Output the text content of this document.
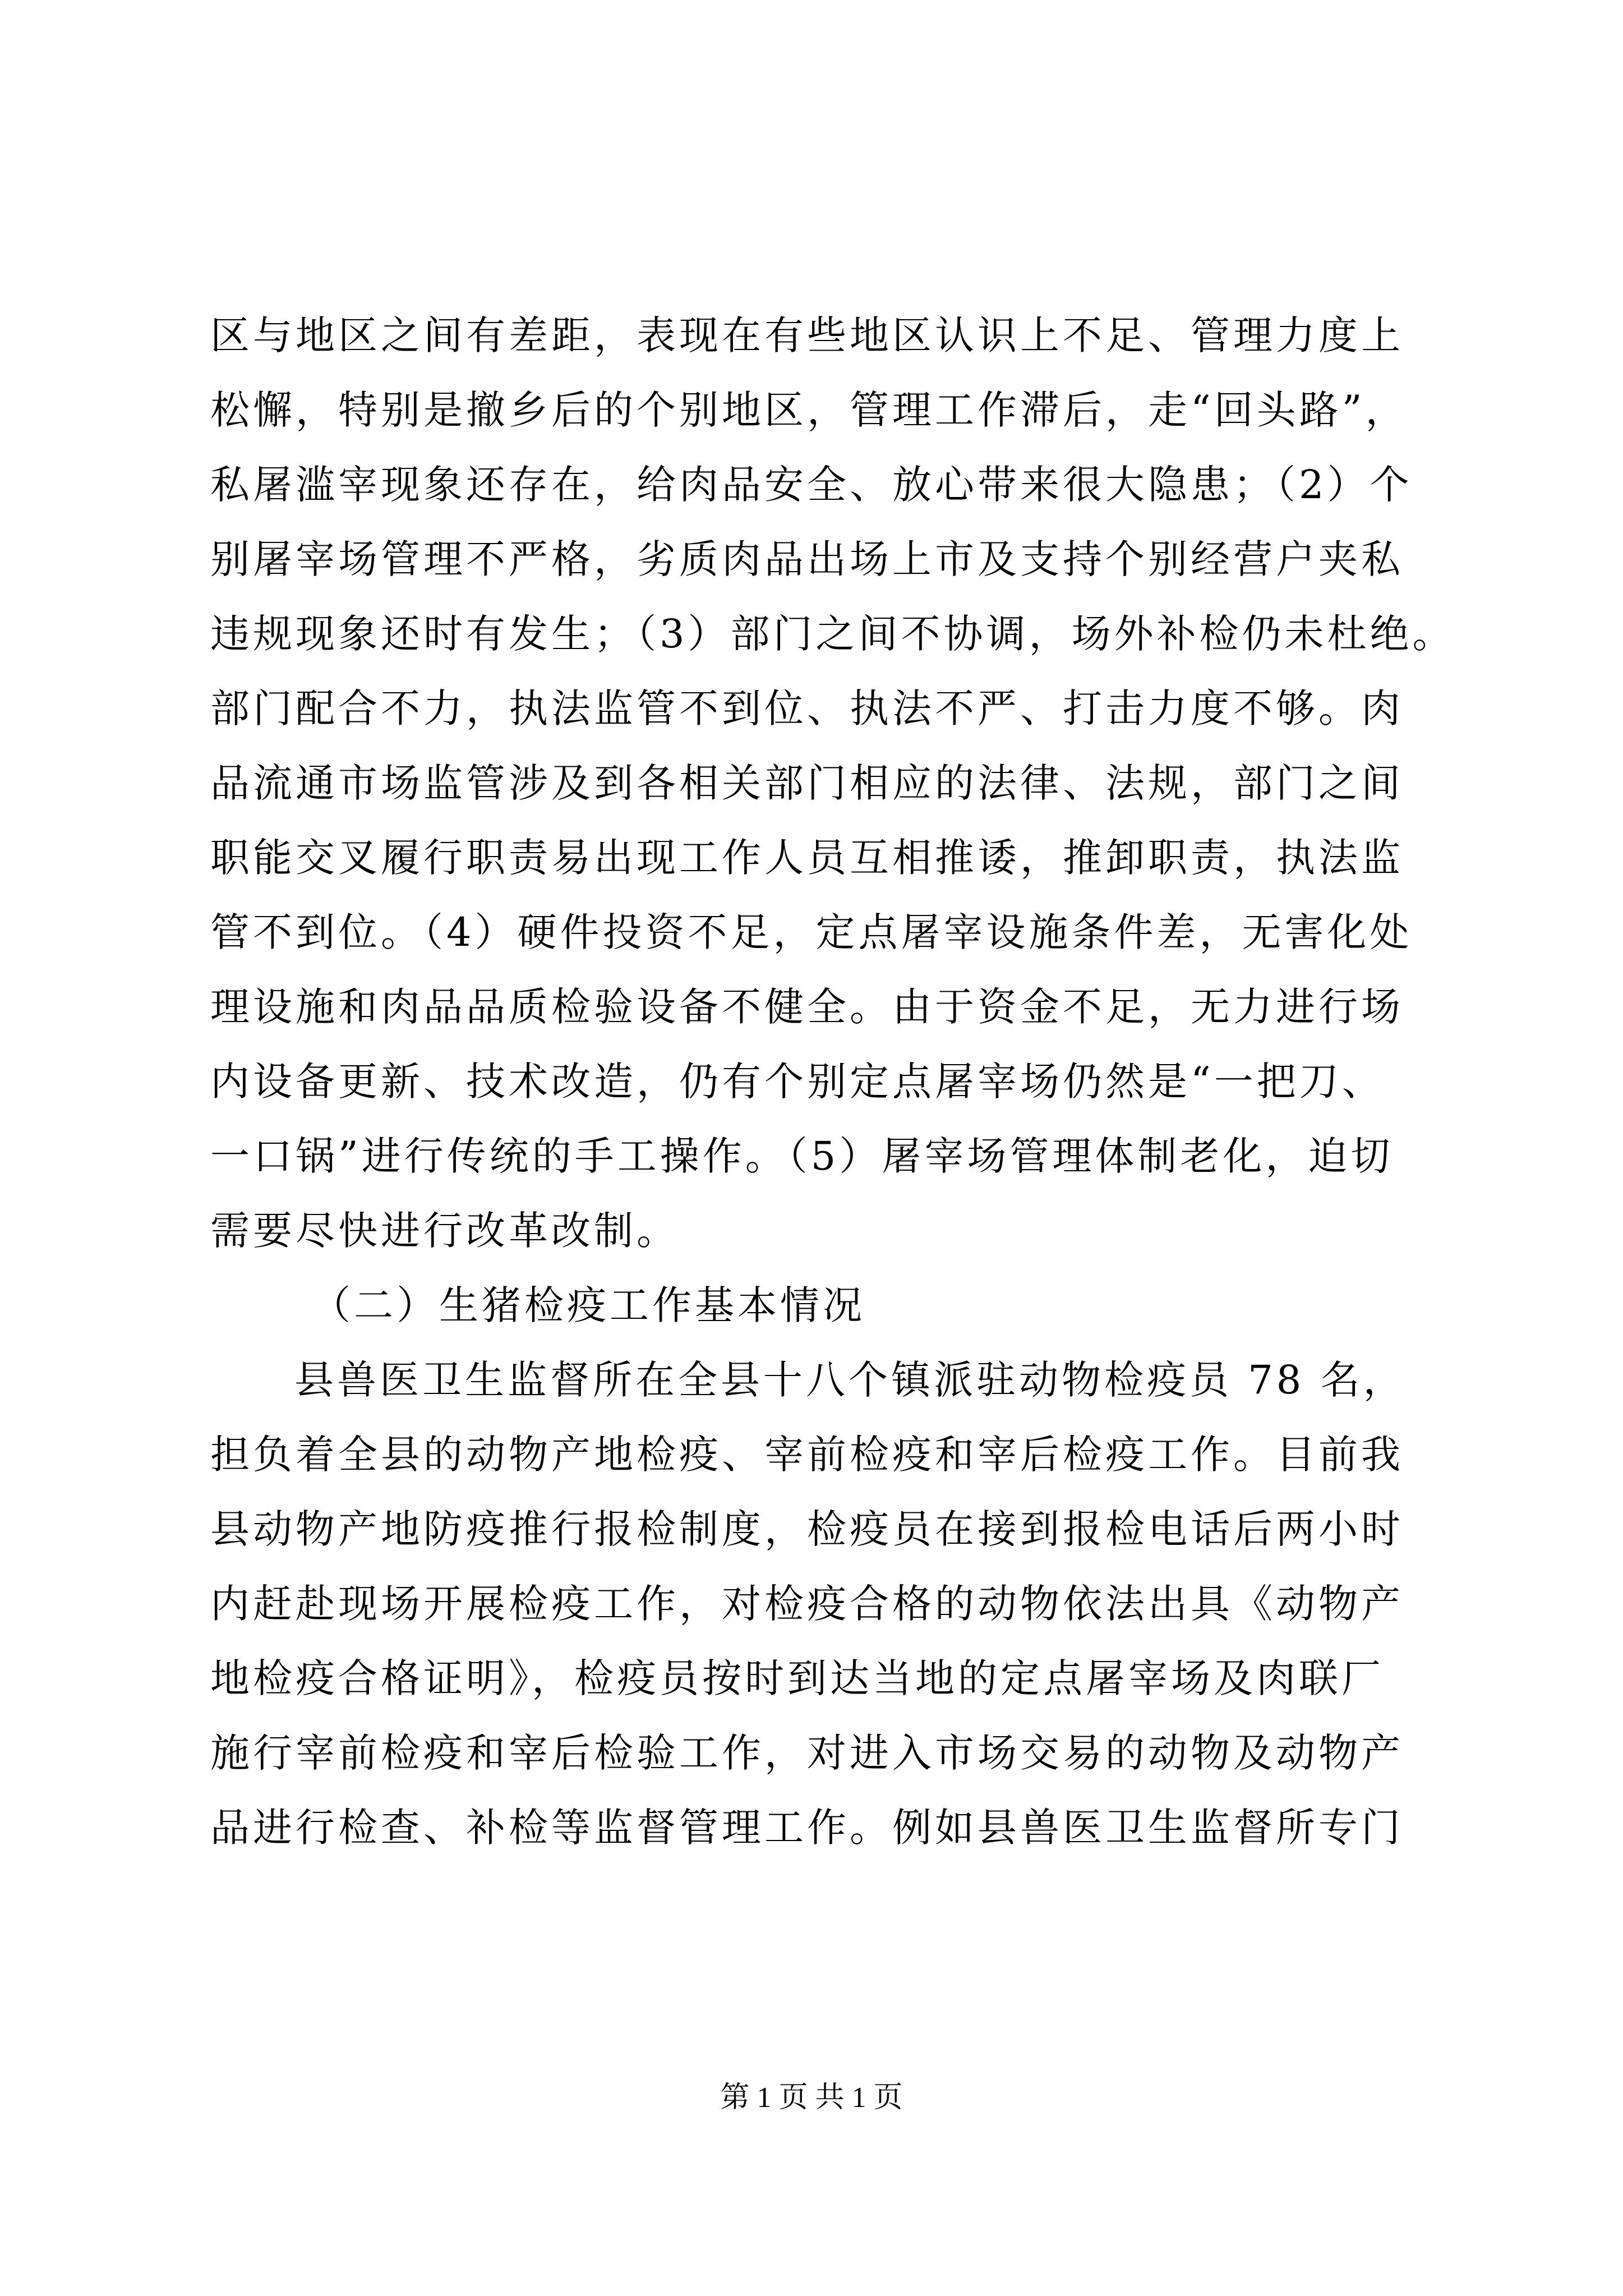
区与地区之间有差距，表现在有些地区认识上不足、管理力度上
松懈，特别是撤乡后的个别地区，管理工作滞后，走“回头路”，
私屠滥宰现象还存在，给肉品安全、放心带来很大隐患；（2）个
别屠宰场管理不严格，劣质肉品出场上市及支持个别经营户夹私
违规现象还时有发生；（3）部门之间不协调，场外补检仍未杜绝。
部门配合不力，执法监管不到位、执法不严、打击力度不够。肉
品流通市场监管涉及到各相关部门相应的法律、法规，部门之间
职能交叉履行职责易出现工作人员互相推诿，推卸职责，执法监
管不到位。（4）硬件投资不足，定点屠宰设施条件差，无害化处
理设施和肉品品质检验设备不健全。由于资金不足，无力进行场
内设备更新、技术改造，仍有个别定点屠宰场仍然是“一把刀、
一口锅”进行传统的手工操作。（5）屠宰场管理体制老化，迫切
需要尽快进行改革改制。
（二）生猪检疫工作基本情况
县兽医卫生监督所在全县十八个镇派驻动物检疫员 78 名，
担负着全县的动物产地检疫、宰前检疫和宰后检疫工作。目前我
县动物产地防疫推行报检制度，检疫员在接到报检电话后两小时
内赶赴现场开展检疫工作，对检疫合格的动物依法出具《动物产
地检疫合格证明》，检疫员按时到达当地的定点屠宰场及肉联厂
施行宰前检疫和宰后检验工作，对进入市场交易的动物及动物产
品进行检查、补检等监督管理工作。例如县兽医卫生监督所专门
第 1 页 共 1 页
